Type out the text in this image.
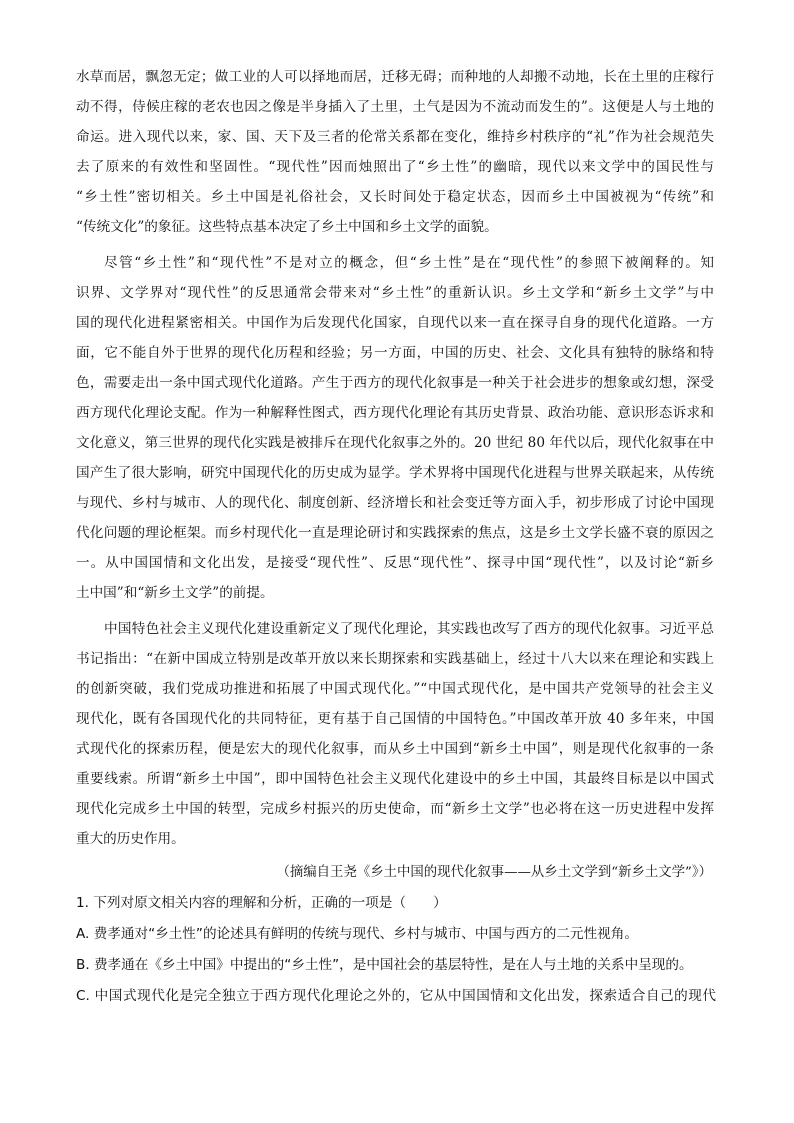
水草而居，飘忽无定；做工业的人可以择地而居，迁移无碍；而种地的人却搬不动地，长在土里的庄稼行
动不得，侍候庄稼的老农也因之像是半身插入了土里，土气是因为不流动而发生的”。这便是人与土地的
命运。进入现代以来，家、国、天下及三者的伦常关系都在变化，维持乡村秩序的“礼”作为社会规范失
去了原来的有效性和坚固性。“现代性”因而烛照出了“乡土性”的幽暗，现代以来文学中的国民性与
“乡土性”密切相关。乡土中国是礼俗社会，又长时间处于稳定状态，因而乡土中国被视为“传统”和
“传统文化”的象征。这些特点基本决定了乡土中国和乡土文学的面貌。
尽管“乡土性”和“现代性”不是对立的概念，但“乡土性”是在“现代性”的参照下被阐释的。知
识界、文学界对“现代性”的反思通常会带来对“乡土性”的重新认识。乡土文学和“新乡土文学”与中
国的现代化进程紧密相关。中国作为后发现代化国家，自现代以来一直在探寻自身的现代化道路。一方
面，它不能自外于世界的现代化历程和经验；另一方面，中国的历史、社会、文化具有独特的脉络和特
色，需要走出一条中国式现代化道路。产生于西方的现代化叙事是一种关于社会进步的想象或幻想，深受
西方现代化理论支配。作为一种解释性图式，西方现代化理论有其历史背景、政治功能、意识形态诉求和
文化意义，第三世界的现代化实践是被排斥在现代化叙事之外的。20 世纪 80 年代以后，现代化叙事在中
国产生了很大影响，研究中国现代化的历史成为显学。学术界将中国现代化进程与世界关联起来，从传统
与现代、乡村与城市、人的现代化、制度创新、经济增长和社会变迁等方面入手，初步形成了讨论中国现
代化问题的理论框架。而乡村现代化一直是理论研讨和实践探索的焦点，这是乡土文学长盛不衰的原因之
一。从中国国情和文化出发，是接受“现代性”、反思“现代性”、探寻中国“现代性”，以及讨论“新乡
土中国”和“新乡土文学”的前提。
中国特色社会主义现代化建设重新定义了现代化理论，其实践也改写了西方的现代化叙事。习近平总
书记指出：“在新中国成立特别是改革开放以来长期探索和实践基础上，经过十八大以来在理论和实践上
的创新突破，我们党成功推进和拓展了中国式现代化。”“中国式现代化，是中国共产党领导的社会主义
现代化，既有各国现代化的共同特征，更有基于自己国情的中国特色。”中国改革开放 40 多年来，中国
式现代化的探索历程，便是宏大的现代化叙事，而从乡土中国到“新乡土中国”，则是现代化叙事的一条
重要线索。所谓“新乡土中国”，即中国特色社会主义现代化建设中的乡土中国，其最终目标是以中国式
现代化完成乡土中国的转型，完成乡村振兴的历史使命，而“新乡土文学”也必将在这一历史进程中发挥
重大的历史作用。
（摘编自王尧《乡土中国的现代化叙事——从乡土文学到“新乡土文学”》）
1. 下列对原文相关内容的理解和分析，正确的一项是（　　）
A. 费孝通对“乡土性”的论述具有鲜明的传统与现代、乡村与城市、中国与西方的二元性视角。
B. 费孝通在《乡土中国》中提出的“乡土性”，是中国社会的基层特性，是在人与土地的关系中呈现的。
C. 中国式现代化是完全独立于西方现代化理论之外的，它从中国国情和文化出发，探索适合自己的现代
